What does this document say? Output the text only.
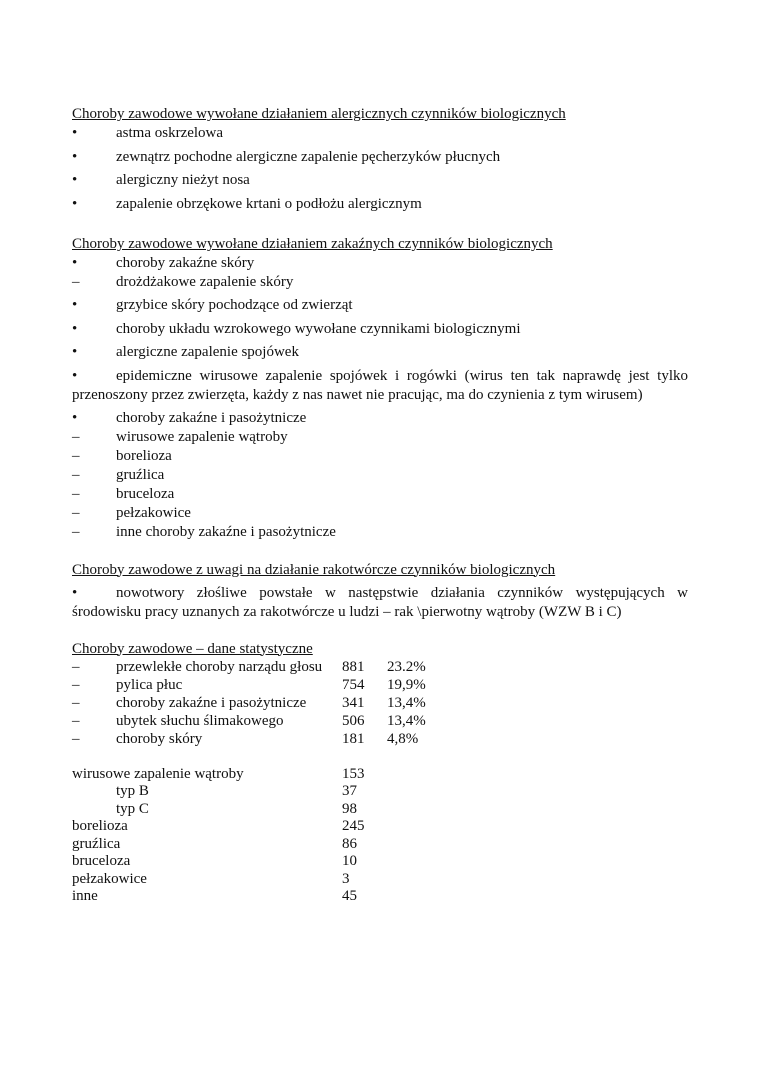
Choroby zawodowe wywołane działaniem alergicznych czynników biologicznych

•	astma oskrzelowa
•	zewnątrz pochodne alergiczne zapalenie pęcherzyków płucnych
•	alergiczny nieżyt nosa
•	zapalenie obrzękowe krtani o podłożu alergicznym

Choroby zawodowe wywołane działaniem zakaźnych czynników biologicznych

•	choroby zakaźne skóry
–	drożdżakowe zapalenie skóry
•	grzybice skóry pochodzące od zwierząt
•	choroby układu wzrokowego wywołane czynnikami biologicznymi
•	alergiczne zapalenie spojówek

•	epidemiczne wirusowe zapalenie spojówek i rogówki (wirus ten tak naprawdę jest tylko przenoszony przez zwierzęta, każdy z nas nawet nie pracując, ma do czynienia z tym wirusem)

•	choroby zakaźne i pasożytnicze
–	wirusowe zapalenie wątroby
–	borelioza
–	gruźlica
–	bruceloza
–	pełzakowice
–	inne choroby zakaźne i pasożytnicze

Choroby zawodowe z uwagi na działanie rakotwórcze czynników biologicznych

•	nowotwory złośliwe powstałe w następstwie działania czynników występujących w środowisku pracy uznanych za rakotwórcze u ludzi – rak \pierwotny wątroby (WZW B i C)

Choroby zawodowe – dane statystyczne

–	przewlekłe choroby narządu głosu	881	23.2%
–	pylica płuc	754	19,9%
–	choroby zakaźne i pasożytnicze	341	13,4%
–	ubytek słuchu ślimakowego	506	13,4%
–	choroby skóry	181	4,8%
wirusowe zapalenie wątroby	153
typ B	37
typ C	98
borelioza	245
gruźlica	86
bruceloza	10
pełzakowice	3
inne	45
